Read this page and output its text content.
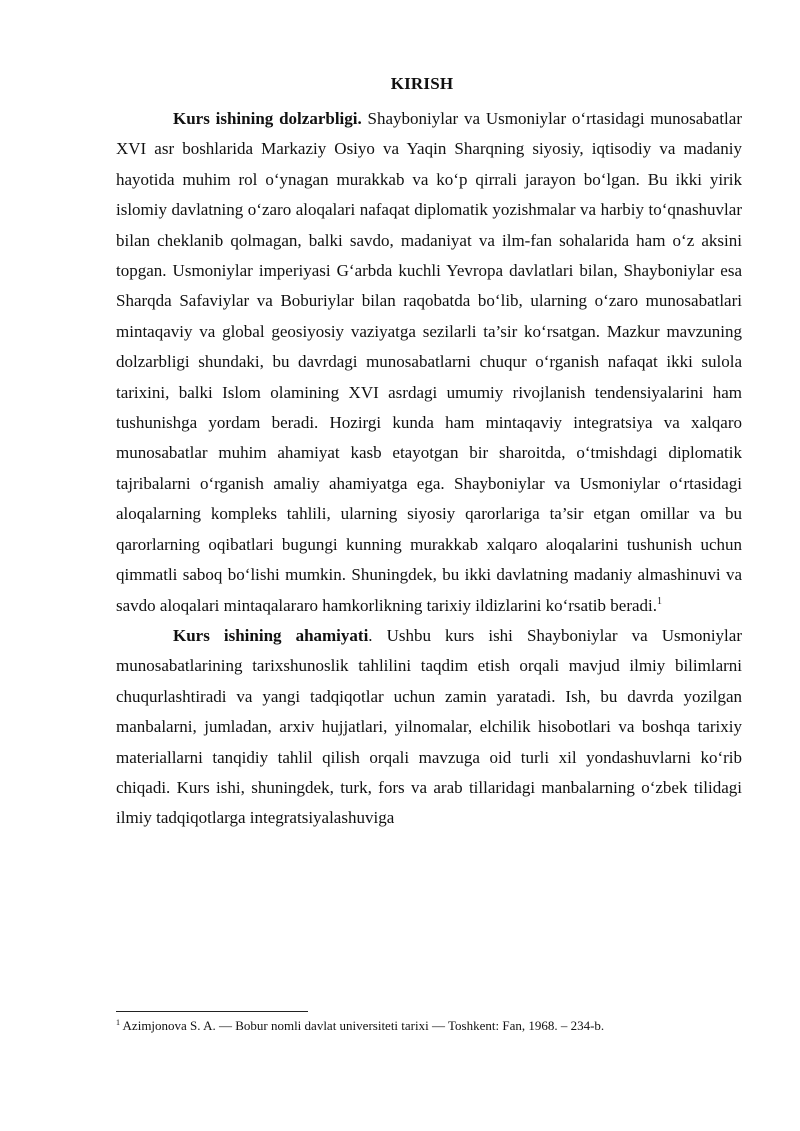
KIRISH

Kurs ishining dolzarbligi. Shayboniylar va Usmoniylar o‘rtasidagi munosabatlar XVI asr boshlarida Markaziy Osiyo va Yaqin Sharqning siyosiy, iqtisodiy va madaniy hayotida muhim rol o‘ynagan murakkab va ko‘p qirrali jarayon bo‘lgan. Bu ikki yirik islomiy davlatning o‘zaro aloqalari nafaqat diplomatik yozishmalar va harbiy to‘qnashuvlar bilan cheklanib qolmagan, balki savdo, madaniyat va ilm-fan sohalarida ham o‘z aksini topgan. Usmoniylar imperiyasi G‘arbda kuchli Yevropa davlatlari bilan, Shayboniylar esa Sharqda Safaviylar va Boburiylar bilan raqobatda bo‘lib, ularning o‘zaro munosabatlari mintaqaviy va global geosiyosiy vaziyatga sezilarli ta’sir ko‘rsatgan. Mazkur mavzuning dolzarbligi shundaki, bu davrdagi munosabatlarni chuqur o‘rganish nafaqat ikki sulola tarixini, balki Islom olamining XVI asrdagi umumiy rivojlanish tendensiyalarini ham tushunishga yordam beradi. Hozirgi kunda ham mintaqaviy integratsiya va xalqaro munosabatlar muhim ahamiyat kasb etayotgan bir sharoitda, o‘tmishdagi diplomatik tajribalarni o‘rganish amaliy ahamiyatga ega. Shayboniylar va Usmoniylar o‘rtasidagi aloqalarning kompleks tahlili, ularning siyosiy qarorlariga ta’sir etgan omillar va bu qarorlarning oqibatlari bugungi kunning murakkab xalqaro aloqalarini tushunish uchun qimmatli saboq bo‘lishi mumkin. Shuningdek, bu ikki davlatning madaniy almashinuvi va savdo aloqalari mintaqalararo hamkorlikning tarixiy ildizlarini ko‘rsatib beradi.$^1$

Kurs ishining ahamiyati. Ushbu kurs ishi Shayboniylar va Usmoniylar munosabatlarining tarixshunoslik tahlilini taqdim etish orqali mavjud ilmiy bilimlarni chuqurlashtiradi va yangi tadqiqotlar uchun zamin yaratadi. Ish, bu davrda yozilgan manbalarni, jumladan, arxiv hujjatlari, yilnomalar, elchilik hisobotlari va boshqa tarixiy materiallarni tanqidiy tahlil qilish orqali mavzuga oid turli xil yondashuvlarni ko‘rib chiqadi. Kurs ishi, shuningdek, turk, fors va arab tillaridagi manbalarning o‘zbek tilidagi ilmiy tadqiqotlarga integratsiyalashuviga

$^1$ Azimjonova S. A. — Bobur nomli davlat universiteti tarixi — Toshkent: Fan, 1968. – 234-b.
